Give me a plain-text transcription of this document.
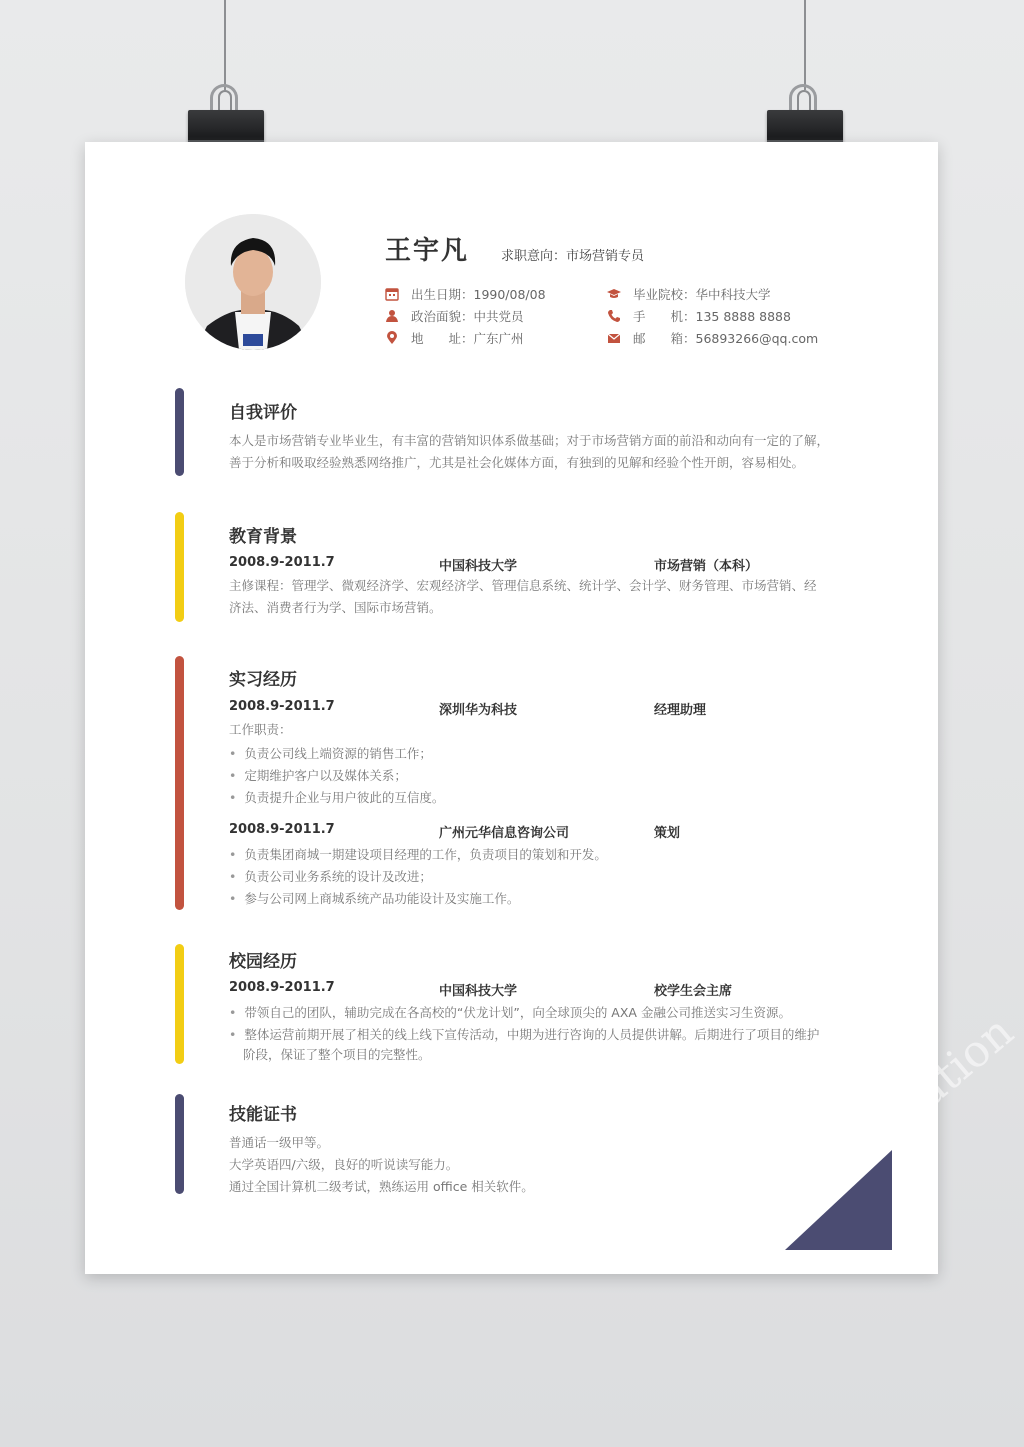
王宇凡 求职意向：市场营销专员
出生日期：1990/08/08
政治面貌：中共党员
地　　址：广东广州
毕业院校：华中科技大学
手　　机：135 8888 8888
邮　　箱：56893266@qq.com
自我评价
本人是市场营销专业毕业生，有丰富的营销知识体系做基础；对于市场营销方面的前沿和动向有一定的了解，
善于分析和吸取经验熟悉网络推广，尤其是社会化媒体方面，有独到的见解和经验个性开朗，容易相处。
教育背景
2008.9-2011.7	中国科技大学	市场营销（本科）
主修课程：管理学、微观经济学、宏观经济学、管理信息系统、统计学、会计学、财务管理、市场营销、经
济法、消费者行为学、国际市场营销。
实习经历
2008.9-2011.7	深圳华为科技	经理助理
工作职责：
• 负责公司线上端资源的销售工作；
• 定期维护客户以及媒体关系；
• 负责提升企业与用户彼此的互信度。
2008.9-2011.7	广州元华信息咨询公司	策划
• 负责集团商城一期建设项目经理的工作，负责项目的策划和开发。
• 负责公司业务系统的设计及改进；
• 参与公司网上商城系统产品功能设计及实施工作。
校园经历
2008.9-2011.7	中国科技大学	校学生会主席
• 带领自己的团队，辅助完成在各高校的“伏龙计划”，向全球顶尖的 AXA 金融公司推送实习生资源。
• 整体运营前期开展了相关的线上线下宣传活动，中期为进行咨询的人员提供讲解。后期进行了项目的维护
阶段，保证了整个项目的完整性。
技能证书
普通话一级甲等。
大学英语四/六级，良好的听说读写能力。
通过全国计算机二级考试，熟练运用 office 相关软件。	图创网 creation
